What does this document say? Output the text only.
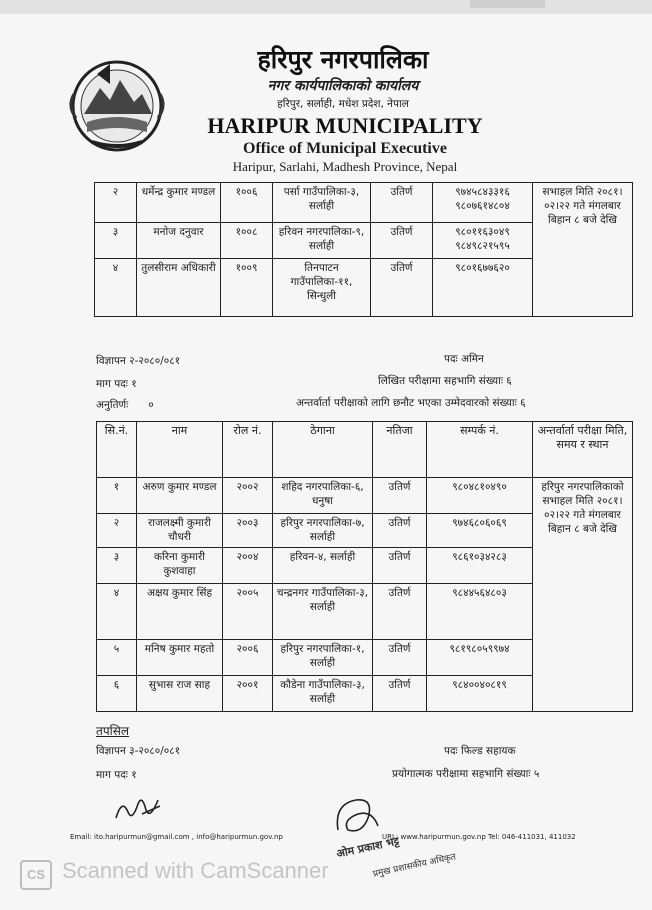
हरिपुर नगरपालिका
नगर कार्यपालिकाको कार्यालय
हरिपुर, सर्लाही, मधेश प्रदेश, नेपाल
HARIPUR MUNICIPALITY
Office of Municipal Executive
Haripur, Sarlahi, Madhesh Province, Nepal
२	धर्मेन्द्र कुमार मण्डल	१००६	पर्सा गाउँपालिका-३, सर्लाही	उतिर्ण	९७४५८४३३१६ ९८०७६१४८०४	सभाहल मिति २०८१।०२।२२ गते मंगलबार बिहान ८ बजे देखि
३	मनोज दनुवार	१००८	हरिवन नगरपालिका-९, सर्लाही	उतिर्ण	९८०११६३०४९ ९८४९८२१५९५	
४	तुलसीराम अधिकारी	१००९	तिनपाटन गाउँपालिका-११, सिन्धुली	उतिर्ण	९८०१६७७६२०	
विज्ञापन २-२०८०/०८१	पदः अमिन
माग पदः १	लिखित परीक्षामा सहभागि संख्याः ६
अनुतिर्णः      ०	अन्तर्वार्ता परीक्षाको लागि छनौट भएका उम्मेदवारको संख्याः ६
सि.नं.	नाम	रोल नं.	ठेगाना	नतिजा	सम्पर्क नं.	अन्तर्वार्ता परीक्षा मिति, समय र स्थान
१	अरुण कुमार मण्डल	२००२	शहिद नगरपालिका-६, धनुषा	उतिर्ण	९८०४८१०४९०	हरिपुर नगरपालिकाको सभाहल मिति २०८१।०२।२२ गते मंगलबार बिहान ८ बजे देखि
२	राजलक्ष्मी कुमारी चौधरी	२००३	हरिपुर नगरपालिका-७, सर्लाही	उतिर्ण	९७४६८०६०६९	
३	करिना कुमारी कुशवाहा	२००४	हरिवन-४, सर्लाही	उतिर्ण	९८६१०३४२८३	
४	अक्षय कुमार सिंह	२००५	चन्द्रनगर गाउँपालिका-३, सर्लाही	उतिर्ण	९८४४५६४८०३	
५	मनिष कुमार महतो	२००६	हरिपुर नगरपालिका-१, सर्लाही	उतिर्ण	९८१९८०५९९७४	
६	सुभास राज साह	२००१	कौडेना गाउँपालिका-३, सर्लाही	उतिर्ण	९८४००४०८१९	
तपसिल
विज्ञापन ३-२०८०/०८१	पदः फिल्ड सहायक
माग पदः १	प्रयोगात्मक परीक्षामा सहभागि संख्याः ५
ओम प्रकाश भट्ट
प्रमुख प्रशासकीय अधिकृत
Email: ito.haripurmun@gmail.com , info@haripurmun.gov.np	URL: www.haripurmun.gov.np Tel: 046-411031, 411032
CS Scanned with CamScanner
